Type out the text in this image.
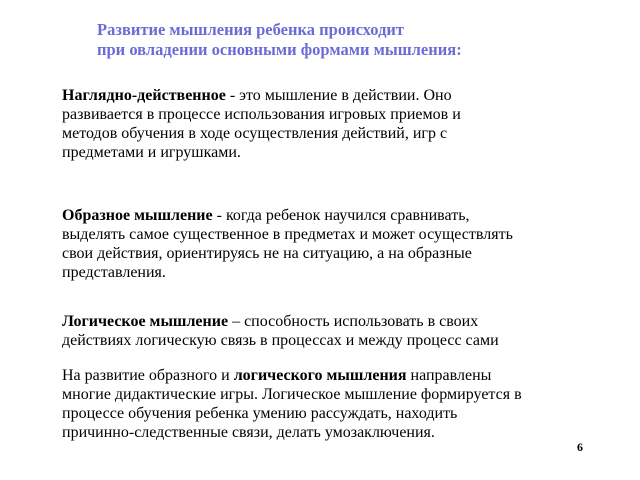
Развитие мышления ребенка происходит
при овладении основными формами мышления:
Наглядно-действенное - это мышление в действии. Оно
развивается в процессе использования игровых приемов и
методов обучения в ходе осуществления действий, игр с
предметами и игрушками.
Образное мышление - когда ребенок научился сравнивать,
выделять самое существенное в предметах и может осуществлять
свои действия, ориентируясь не на ситуацию, а на образные
представления.
Логическое мышление – способность использовать в своих
действиях логическую связь в процессах и между процесс сами
На развитие образного и логического мышления направлены
многие дидактические игры. Логическое мышление формируется в
процессе обучения ребенка умению рассуждать, находить
причинно-следственные связи, делать умозаключения.
6
